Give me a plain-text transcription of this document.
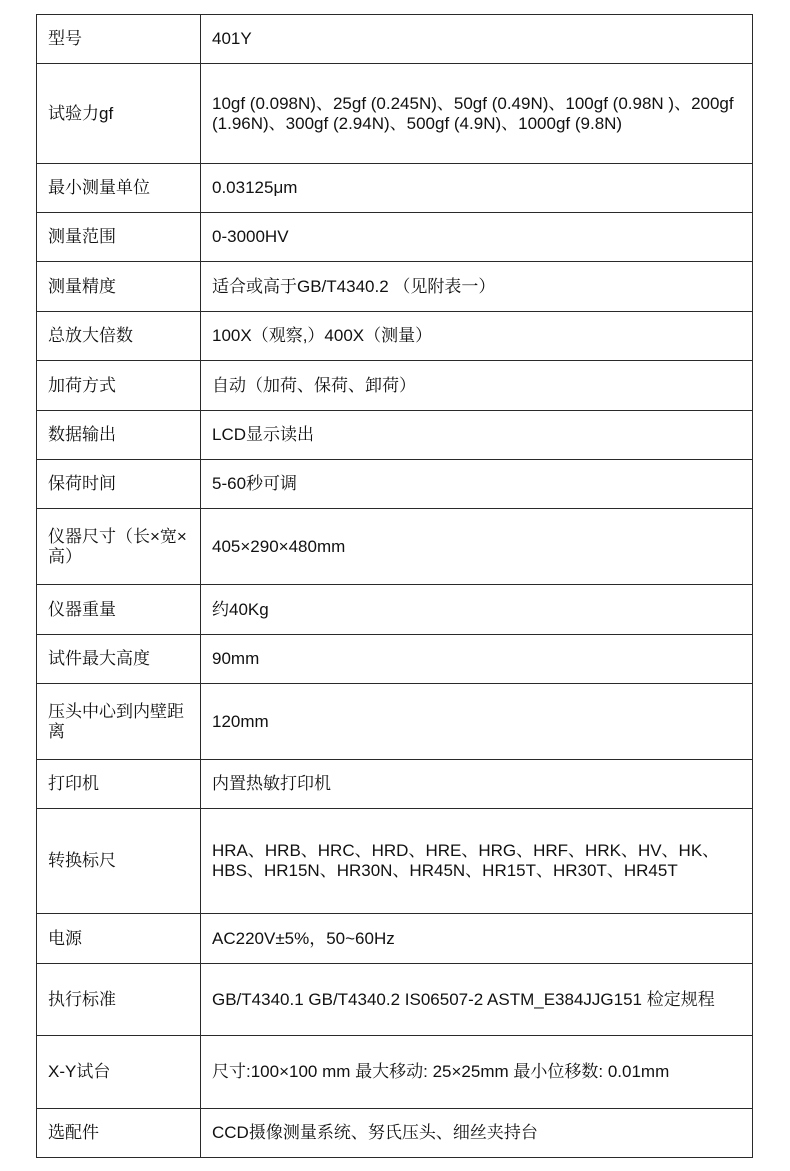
型号	401Y
试验力gf	10gf (0.098N)、25gf (0.245N)、50gf (0.49N)、100gf (0.98N )、200gf (1.96N)、300gf (2.94N)、500gf (4.9N)、1000gf (9.8N)
最小测量单位	0.03125μm
测量范围	0-3000HV
测量精度	适合或高于GB/T4340.2 （见附表一）
总放大倍数	100X（观察,）400X（测量）
加荷方式	自动（加荷、保荷、卸荷）
数据输出	LCD显示读出
保荷时间	5-60秒可调
仪器尺寸（长×宽×高）	405×290×480mm
仪器重量	约40Kg
试件最大高度	90mm
压头中心到内壁距离	120mm
打印机	内置热敏打印机
转换标尺	HRA、HRB、HRC、HRD、HRE、HRG、HRF、HRK、HV、HK、HBS、HR15N、HR30N、HR45N、HR15T、HR30T、HR45T
电源	AC220V±5%，50~60Hz
执行标准	GB/T4340.1 GB/T4340.2 IS06507-2 ASTM_E384JJG151 检定规程
X-Y试台	尺寸:100×100 mm 最大移动: 25×25mm 最小位移数: 0.01mm
选配件	CCD摄像测量系统、努氏压头、细丝夹持台
